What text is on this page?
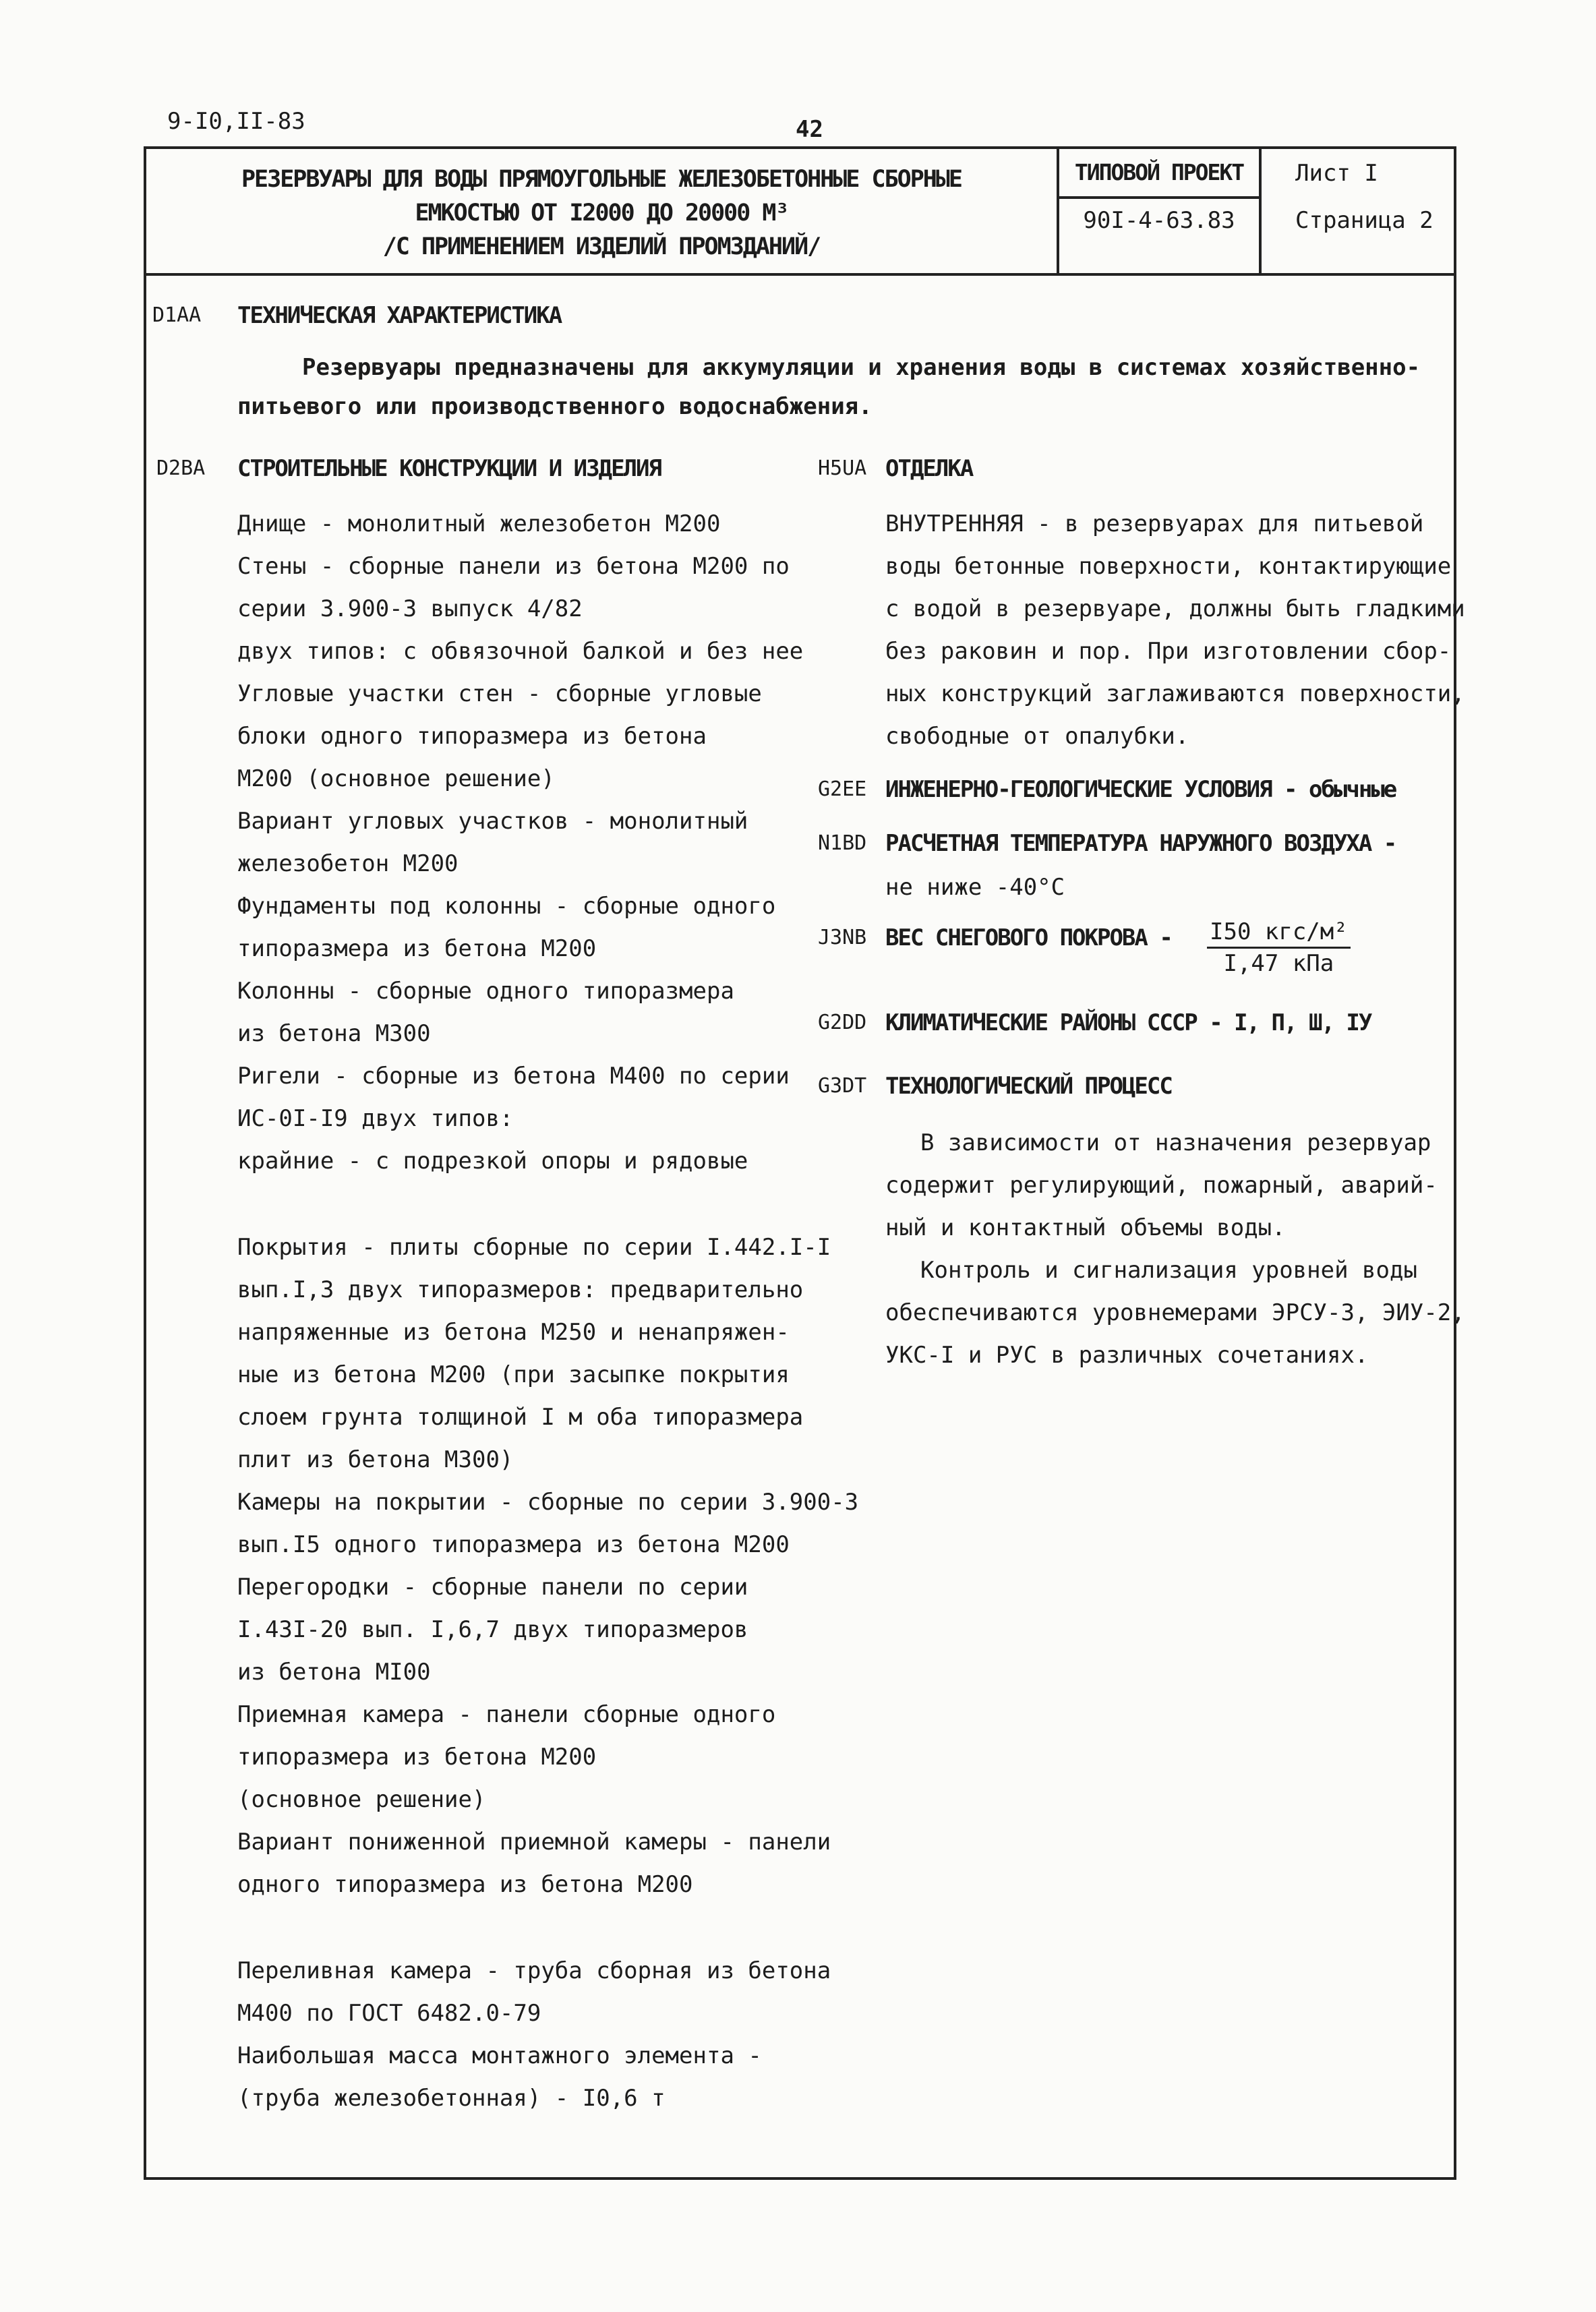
9-I0,II-83	42
РЕЗЕРВУАРЫ ДЛЯ ВОДЫ ПРЯМОУГОЛЬНЫЕ ЖЕЛЕЗОБЕТОННЫЕ СБОРНЫЕ
ЕМКОСТЬЮ ОТ I2000 ДО 20000 М³
/С ПРИМЕНЕНИЕМ ИЗДЕЛИЙ ПРОМЗДАНИЙ/
ТИПОВОЙ ПРОЕКТ
90I-4-63.83
Лист I
Страница 2
D1AA ТЕХНИЧЕСКАЯ ХАРАКТЕРИСТИКА
Резервуары предназначены для аккумуляции и хранения воды в системах хозяйственно-
питьевого или производственного водоснабжения.
D2BA СТРОИТЕЛЬНЫЕ КОНСТРУКЦИИ И ИЗДЕЛИЯ
Днище - монолитный железобетон М200
Стены - сборные панели из бетона М200 по
серии 3.900-3 выпуск 4/82
двух типов: с обвязочной балкой и без нее
Угловые участки стен - сборные угловые
блоки одного типоразмера из бетона
М200 (основное решение)
Вариант угловых участков - монолитный
железобетон М200
Фундаменты под колонны - сборные одного
типоразмера из бетона М200
Колонны - сборные одного типоразмера
из бетона М300
Ригели - сборные из бетона М400 по серии
ИС-0I-I9 двух типов:
крайние - с подрезкой опоры и рядовые
Покрытия - плиты сборные по серии I.442.I-I
вып.I,3 двух типоразмеров: предварительно
напряженные из бетона М250 и ненапряжен-
ные из бетона М200 (при засыпке покрытия
слоем грунта толщиной I м оба типоразмера
плит из бетона М300)
Камеры на покрытии - сборные по серии 3.900-3
вып.I5 одного типоразмера из бетона М200
Перегородки - сборные панели по серии
I.43I-20 вып. I,6,7 двух типоразмеров
из бетона МI00
Приемная камера - панели сборные одного
типоразмера из бетона М200
(основное решение)
Вариант пониженной приемной камеры - панели
одного типоразмера из бетона М200
Переливная камера - труба сборная из бетона
М400 по ГОСТ 6482.0-79
Наибольшая масса монтажного элемента -
(труба железобетонная) - I0,6 т
H5UA ОТДЕЛКА
ВНУТРЕННЯЯ - в резервуарах для питьевой
воды бетонные поверхности, контактирующие
с водой в резервуаре, должны быть гладкими
без раковин и пор. При изготовлении сбор-
ных конструкций заглаживаются поверхности,
свободные от опалубки.
G2EE ИНЖЕНЕРНО-ГЕОЛОГИЧЕСКИЕ УСЛОВИЯ - обычные
N1BD РАСЧЕТНАЯ ТЕМПЕРАТУРА НАРУЖНОГО ВОЗДУХА -
не ниже -40°С
J3NB ВЕС СНЕГОВОГО ПОКРОВА - I50 кгс/м²
I,47 кПа
G2DD КЛИМАТИЧЕСКИЕ РАЙОНЫ СССР - I, П, Ш, IУ
G3DT ТЕХНОЛОГИЧЕСКИЙ ПРОЦЕСС
В зависимости от назначения резервуар
содержит регулирующий, пожарный, аварий-
ный и контактный объемы воды.
Контроль и сигнализация уровней воды
обеспечиваются уровнемерами ЭРСУ-3, ЭИУ-2,
УКС-I и РУС в различных сочетаниях.
